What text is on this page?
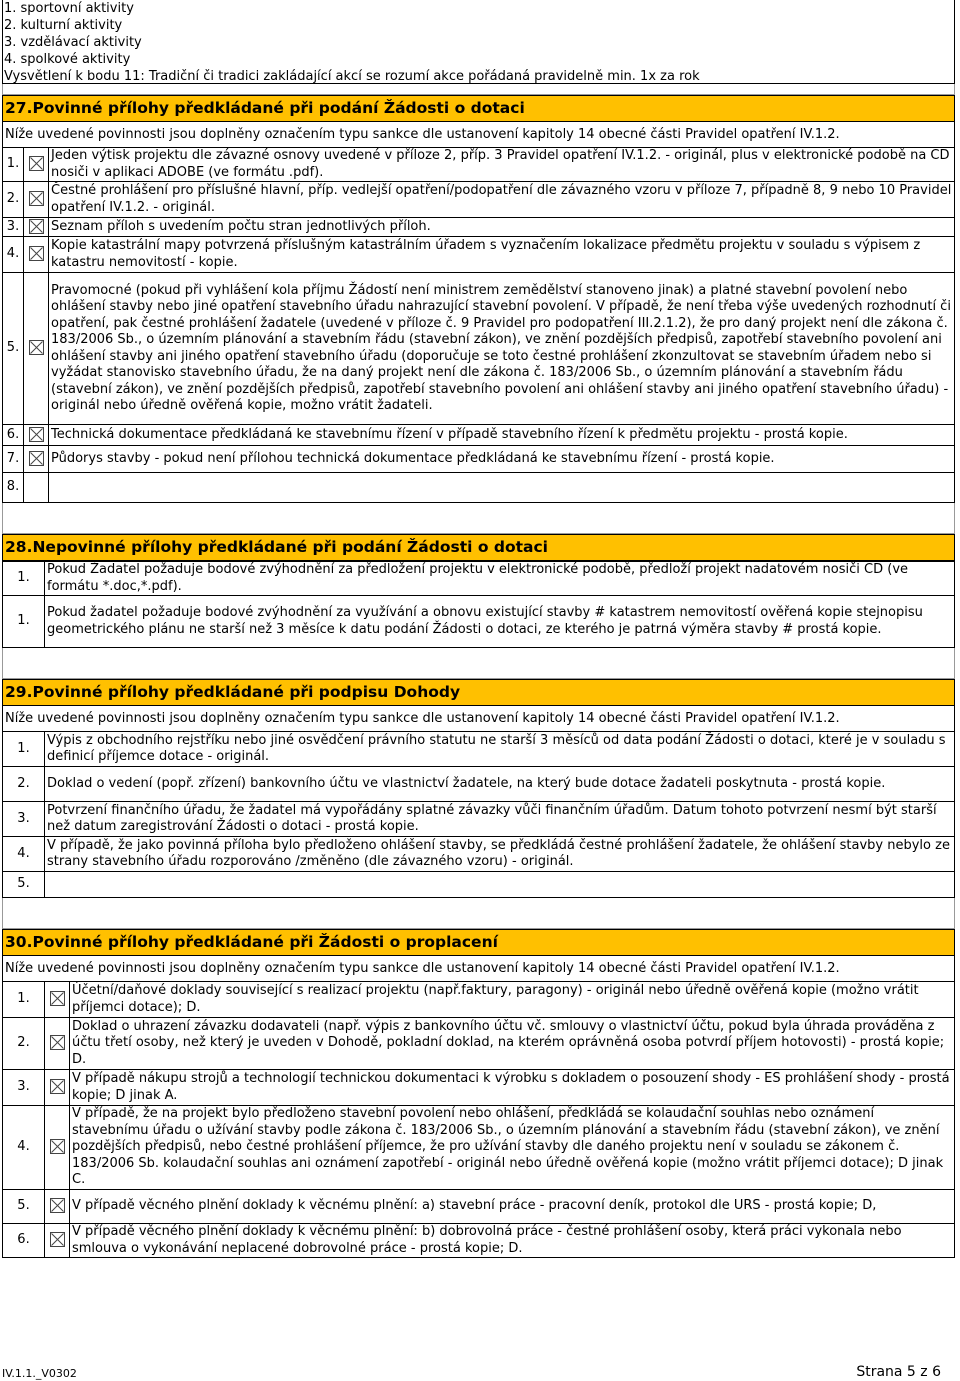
1. sportovní aktivity
2. kulturní aktivity
3. vzdělávací aktivity
4. spolkové aktivity
Vysvětlení k bodu 11: Tradiční či tradici zakládající akcí se rozumí akce pořádaná pravidelně min. 1x za rok
27.Povinné přílohy předkládané při podání Žádosti o dotaci
Níže uvedené povinnosti jsou doplněny označením typu sankce dle ustanovení kapitoly 14 obecné části Pravidel opatření IV.1.2.
1.		Jeden výtisk projektu dle závazné osnovy uvedené v příloze 2, příp. 3 Pravidel opatření IV.1.2. - originál, plus v elektronické podobě na CD nosiči v aplikaci ADOBE (ve formátu .pdf).
2.		Čestné prohlášení pro příslušné hlavní, příp. vedlejší opatření/podopatření dle závazného vzoru v příloze 7, případně 8, 9 nebo 10 Pravidel opatření IV.1.2. - originál.
3.		Seznam příloh s uvedením počtu stran jednotlivých příloh.
4.		Kopie katastrální mapy potvrzená příslušným katastrálním úřadem s vyznačením lokalizace předmětu projektu v souladu s výpisem z katastru nemovitostí - kopie.
5.		Pravomocné (pokud při vyhlášení kola příjmu Žádostí není ministrem zemědělství stanoveno jinak) a platné stavební povolení nebo ohlášení stavby nebo jiné opatření stavebního úřadu nahrazující stavební povolení. V případě, že není třeba výše uvedených rozhodnutí či opatření, pak čestné prohlášení žadatele (uvedené v příloze č. 9 Pravidel pro podopatření III.2.1.2), že pro daný projekt není dle zákona č. 183/2006 Sb., o územním plánování a stavebním řádu (stavební zákon), ve znění pozdějších předpisů, zapotřebí stavebního povolení ani ohlášení stavby ani jiného opatření stavebního úřadu (doporučuje se toto čestné prohlášení zkonzultovat se stavebním úřadem nebo si vyžádat stanovisko stavebního úřadu, že na daný projekt není dle zákona č. 183/2006 Sb., o územním plánování a stavebním řádu (stavební zákon), ve znění pozdějších předpisů, zapotřebí stavebního povolení ani ohlášení stavby ani jiného opatření stavebního úřadu) - originál nebo úředně ověřená kopie, možno vrátit žadateli.
6.		Technická dokumentace předkládaná ke stavebnímu řízení v případě stavebního řízení k předmětu projektu - prostá kopie.
7.		Půdorys stavby - pokud není přílohou technická dokumentace předkládaná ke stavebnímu řízení - prostá kopie.
8.		
28.Nepovinné přílohy předkládané při podání Žádosti o dotaci
1.	Pokud Žadatel požaduje bodové zvýhodnění za předložení projektu v elektronické podobě, předloží projekt nadatovém nosiči CD (ve formátu *.doc,*.pdf).
1.	Pokud žadatel požaduje bodové zvýhodnění za využívání a obnovu existující stavby # katastrem nemovitostí ověřená kopie stejnopisu geometrického plánu ne starší než 3 měsíce k datu podání Žádosti o dotaci, ze kterého je patrná výměra stavby # prostá kopie.
29.Povinné přílohy předkládané při podpisu Dohody
Níže uvedené povinnosti jsou doplněny označením typu sankce dle ustanovení kapitoly 14 obecné části Pravidel opatření IV.1.2.
1.	Výpis z obchodního rejstříku nebo jiné osvědčení právního statutu ne starší 3 měsíců od data podání Žádosti o dotaci, které je v souladu s definicí příjemce dotace - originál.
2.	Doklad o vedení (popř. zřízení) bankovního účtu ve vlastnictví žadatele, na který bude dotace žadateli poskytnuta - prostá kopie.
3.	Potvrzení finančního úřadu, že žadatel má vypořádány splatné závazky vůči finančním úřadům. Datum tohoto potvrzení nesmí být starší než datum zaregistrování Žádosti o dotaci - prostá kopie.
4.	V případě, že jako povinná příloha bylo předloženo ohlášení stavby, se předkládá čestné prohlášení žadatele, že ohlášení stavby nebylo ze strany stavebního úřadu rozporováno /změněno (dle závazného vzoru) - originál.
5.	
30.Povinné přílohy předkládané při Žádosti o proplacení
Níže uvedené povinnosti jsou doplněny označením typu sankce dle ustanovení kapitoly 14 obecné části Pravidel opatření IV.1.2.
1.		Účetní/daňové doklady související s realizací projektu (např.faktury, paragony) - originál nebo úředně ověřená kopie (možno vrátit příjemci dotace); D.
2.		Doklad o uhrazení závazku dodavateli (např. výpis z bankovního účtu vč. smlouvy o vlastnictví účtu, pokud byla úhrada prováděna z účtu třetí osoby, než který je uveden v Dohodě, pokladní doklad, na kterém oprávněná osoba potvrdí příjem hotovosti) - prostá kopie; D.
3.		V případě nákupu strojů a technologií technickou dokumentaci k výrobku s dokladem o posouzení shody - ES prohlášení shody - prostá kopie; D jinak A.
4.		V případě, že na projekt bylo předloženo stavební povolení nebo ohlášení, předkládá se kolaudační souhlas nebo oznámení stavebnímu úřadu o užívání stavby podle zákona č. 183/2006 Sb., o územním plánování a stavebním řádu (stavební zákon), ve znění pozdějších předpisů, nebo čestné prohlášení příjemce, že pro užívání stavby dle daného projektu není v souladu se zákonem č. 183/2006 Sb. kolaudační souhlas ani oznámení zapotřebí - originál nebo úředně ověřená kopie (možno vrátit příjemci dotace); D jinak C.
5.		V případě věcného plnění doklady k věcnému plnění: a) stavební práce - pracovní deník, protokol dle URS - prostá kopie; D,
6.		V případě věcného plnění doklady k věcnému plnění: b) dobrovolná práce - čestné prohlášení osoby, která práci vykonala nebo smlouva o vykonávání neplacené dobrovolné práce - prostá kopie; D.
IV.1.1._V0302	Strana 5 z 6
